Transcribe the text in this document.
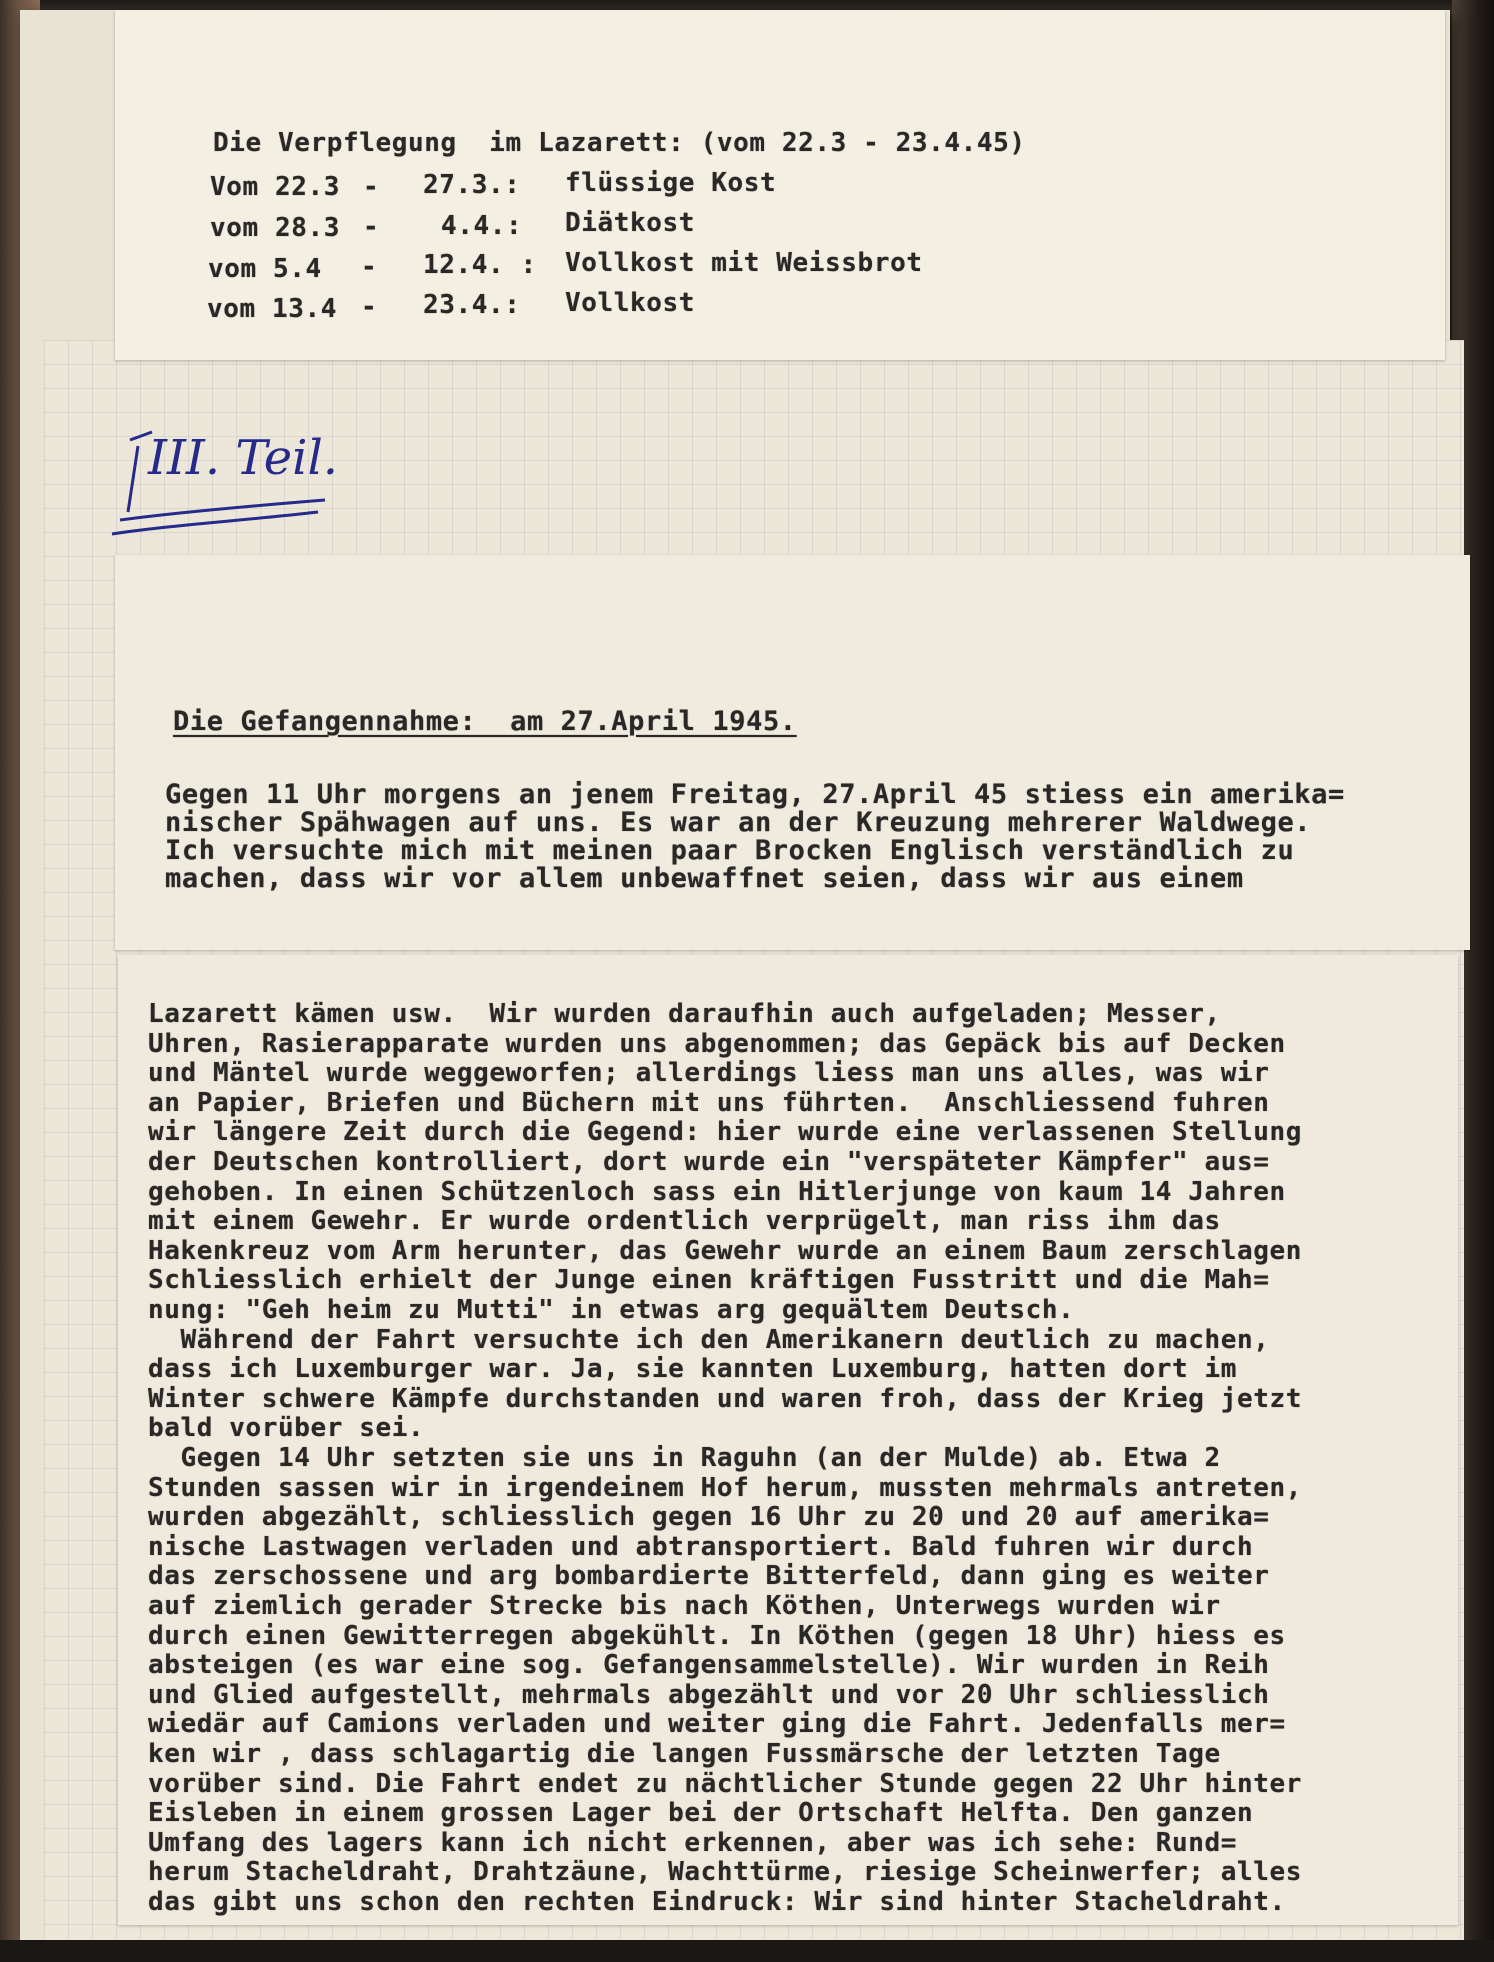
Die Verpflegung  im Lazarett: (vom 22.3 - 23.4.45)
Vom 22.3 - 27.3.: flüssige Kost
vom 28.3 - 4.4.: Diätkost
vom 5.4 - 12.4. : Vollkost mit Weissbrot
vom 13.4 - 23.4.: Vollkost
III. Teil.
Die Gefangennahme:  am 27.April 1945.
Gegen 11 Uhr morgens an jenem Freitag, 27.April 45 stiess ein amerika=
nischer Spähwagen auf uns. Es war an der Kreuzung mehrerer Waldwege.
Ich versuchte mich mit meinen paar Brocken Englisch verständlich zu
machen, dass wir vor allem unbewaffnet seien, dass wir aus einem
Lazarett kämen usw.  Wir wurden daraufhin auch aufgeladen; Messer,
Uhren, Rasierapparate wurden uns abgenommen; das Gepäck bis auf Decken
und Mäntel wurde weggeworfen; allerdings liess man uns alles, was wir
an Papier, Briefen und Büchern mit uns führten.  Anschliessend fuhren
wir längere Zeit durch die Gegend: hier wurde eine verlassenen Stellung
der Deutschen kontrolliert, dort wurde ein "verspäteter Kämpfer" aus=
gehoben. In einen Schützenloch sass ein Hitlerjunge von kaum 14 Jahren
mit einem Gewehr. Er wurde ordentlich verprügelt, man riss ihm das
Hakenkreuz vom Arm herunter, das Gewehr wurde an einem Baum zerschlagen
Schliesslich erhielt der Junge einen kräftigen Fusstritt und die Mah=
nung: "Geh heim zu Mutti" in etwas arg gequältem Deutsch.
Während der Fahrt versuchte ich den Amerikanern deutlich zu machen,
dass ich Luxemburger war. Ja, sie kannten Luxemburg, hatten dort im
Winter schwere Kämpfe durchstanden und waren froh, dass der Krieg jetzt
bald vorüber sei.
Gegen 14 Uhr setzten sie uns in Raguhn (an der Mulde) ab. Etwa 2
Stunden sassen wir in irgendeinem Hof herum, mussten mehrmals antreten,
wurden abgezählt, schliesslich gegen 16 Uhr zu 20 und 20 auf amerika=
nische Lastwagen verladen und abtransportiert. Bald fuhren wir durch
das zerschossene und arg bombardierte Bitterfeld, dann ging es weiter
auf ziemlich gerader Strecke bis nach Köthen, Unterwegs wurden wir
durch einen Gewitterregen abgekühlt. In Köthen (gegen 18 Uhr) hiess es
absteigen (es war eine sog. Gefangensammelstelle). Wir wurden in Reih
und Glied aufgestellt, mehrmals abgezählt und vor 20 Uhr schliesslich
wiedär auf Camions verladen und weiter ging die Fahrt. Jedenfalls mer=
ken wir , dass schlagartig die langen Fussmärsche der letzten Tage
vorüber sind. Die Fahrt endet zu nächtlicher Stunde gegen 22 Uhr hinter
Eisleben in einem grossen Lager bei der Ortschaft Helfta. Den ganzen
Umfang des lagers kann ich nicht erkennen, aber was ich sehe: Rund=
herum Stacheldraht, Drahtzäune, Wachttürme, riesige Scheinwerfer; alles
das gibt uns schon den rechten Eindruck: Wir sind hinter Stacheldraht.
